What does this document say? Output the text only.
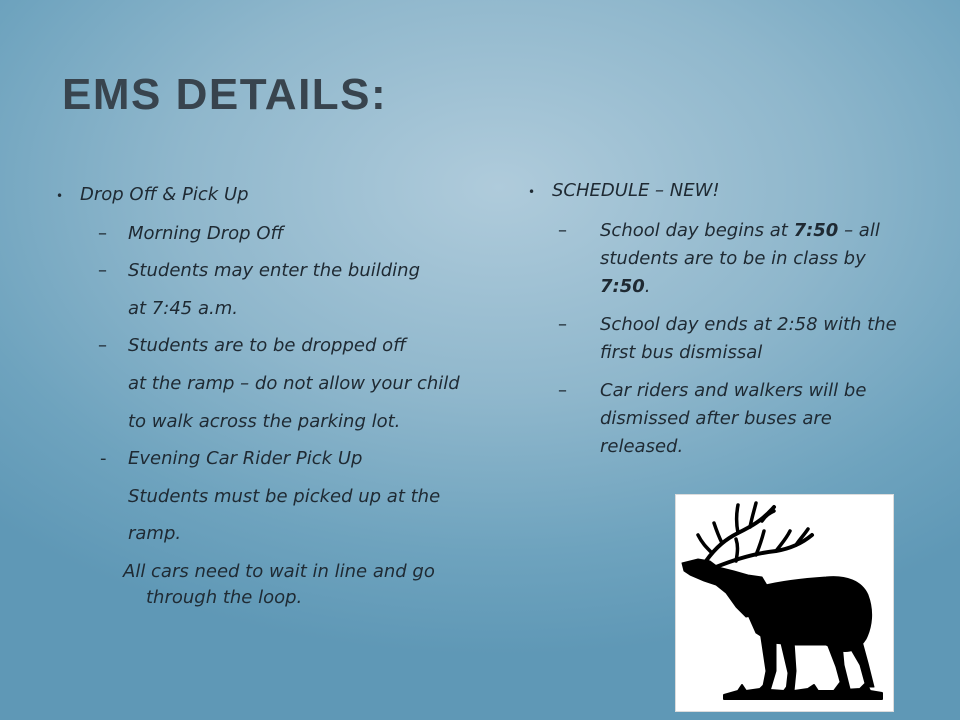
EMS DETAILS:
• Drop Off & Pick Up
–	Morning Drop Off
–	Students may enter the building
at 7:45 a.m.
–	Students are to be dropped off
at the ramp – do not allow your child
to walk across the parking lot.
-	Evening Car Rider Pick Up
Students must be picked up at the
ramp.
All cars need to wait in line and go
through the loop.
• SCHEDULE – NEW!
–	School day begins at 7:50 – all students are to be in class by 7:50.
–	School day ends at 2:58 with the first bus dismissal
–	Car riders and walkers will be dismissed after buses are released.
